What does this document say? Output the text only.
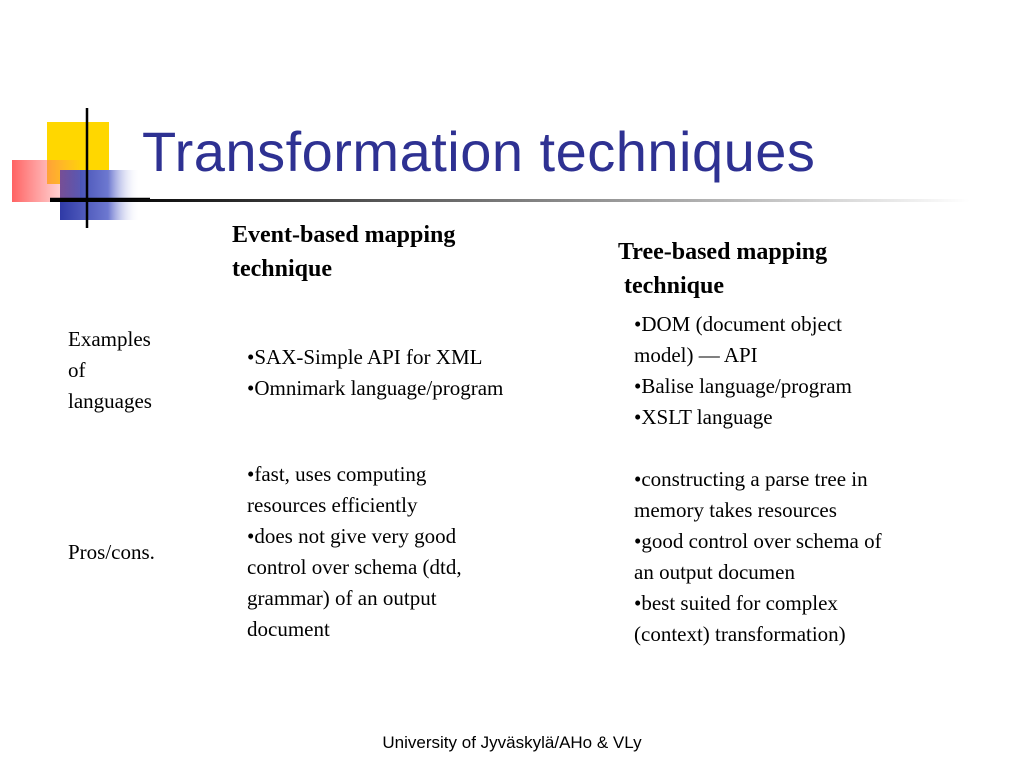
Transformation techniques
Event-based mapping
technique
Tree-based mapping
technique
Examples
of
languages
•SAX-Simple API for XML
•Omnimark language/program
•DOM (document object
model) — API
•Balise language/program
•XSLT language
Pros/cons.
•fast, uses computing
resources efficiently
•does not give very good
control over schema (dtd,
grammar) of an output
document
•constructing a parse tree in
memory takes resources
•good control over schema of
an output documen
•best suited for complex
(context) transformation)
University of Jyväskylä/AHo & VLy
